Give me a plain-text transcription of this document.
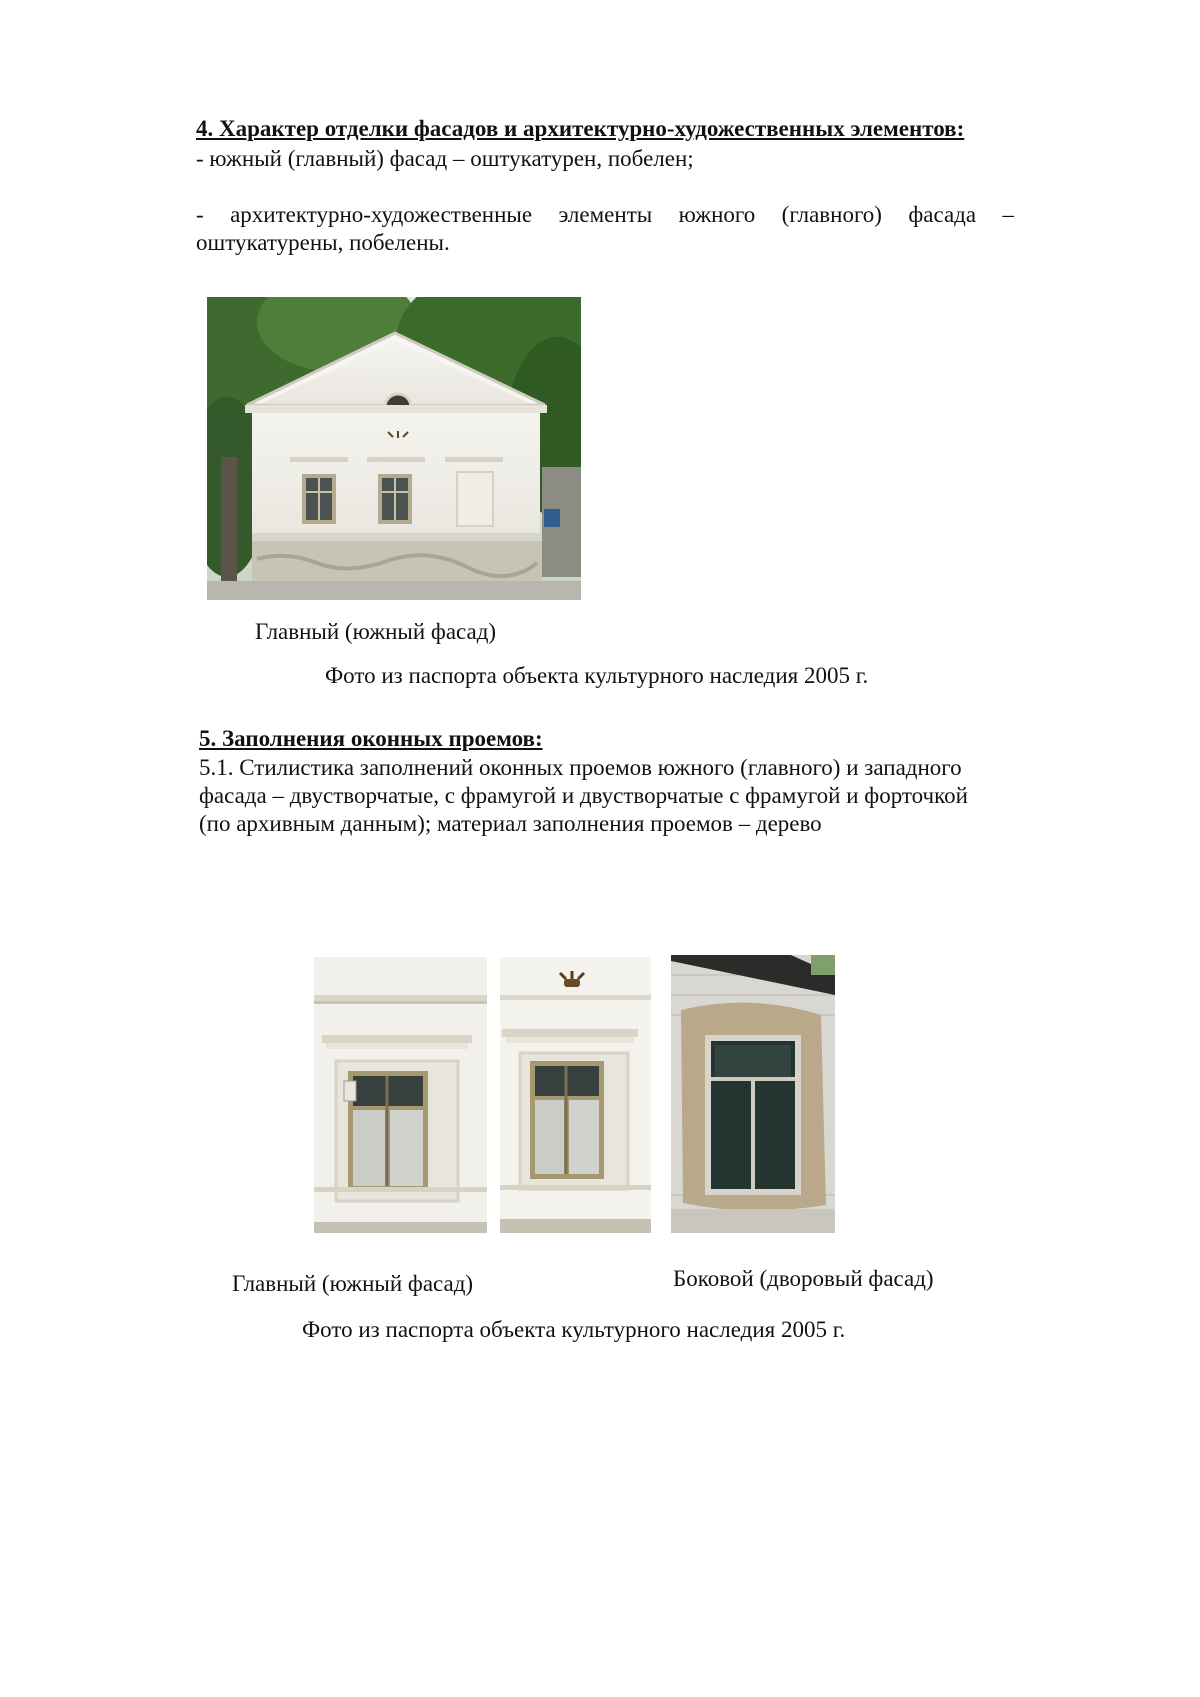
4. Характер отделки фасадов и архитектурно-художественных элементов:
- южный (главный) фасад – оштукатурен, побелен;
- архитектурно-художественные элементы южного (главного) фасада –
оштукатурены, побелены.
Главный (южный фасад)
Фото из паспорта объекта культурного наследия 2005 г.
5. Заполнения оконных проемов:
5.1. Стилистика заполнений оконных проемов южного (главного) и западного
фасада – двустворчатые, с фрамугой и двустворчатые с фрамугой и форточкой
(по архивным данным); материал заполнения проемов – дерево
Главный (южный фасад)	Боковой (дворовый фасад)
Фото из паспорта объекта культурного наследия 2005 г.
